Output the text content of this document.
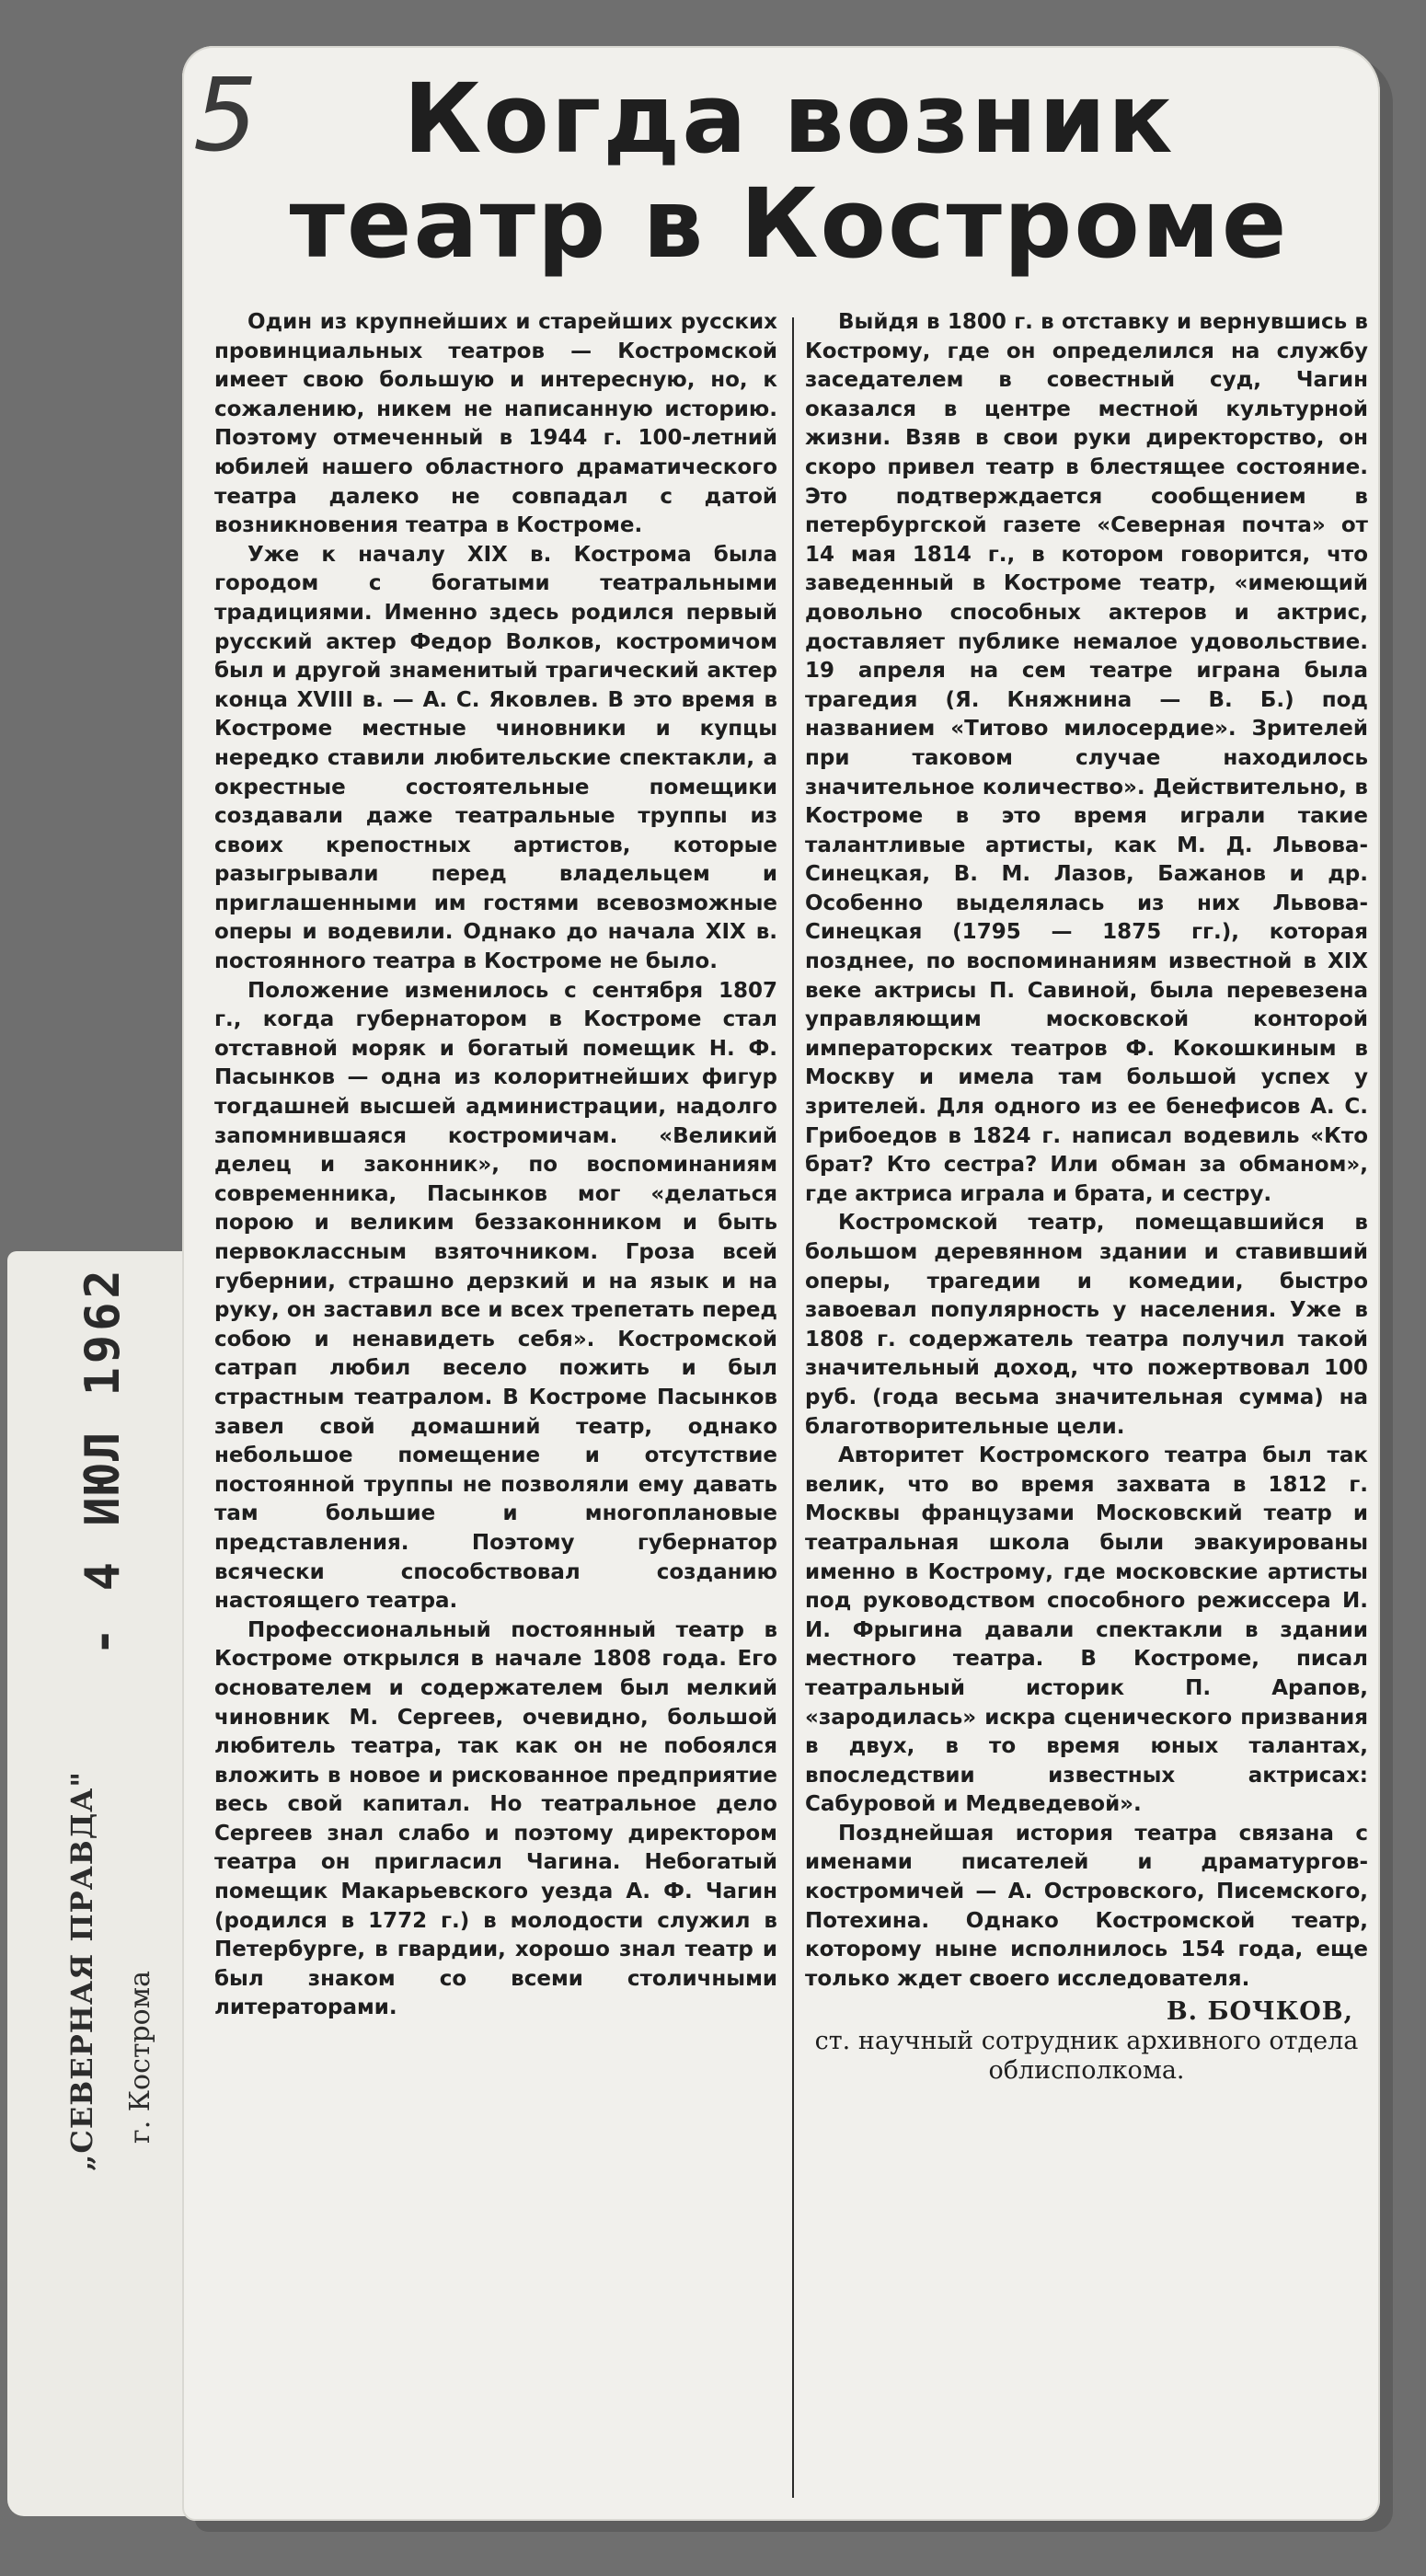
- 4 ИЮЛ 1962
„СЕВЕРНАЯ ПРАВДА" г. Кострома
5	Когда возник
театр в Костроме

Один из крупнейших и старейших русских провинциальных театров — Костромской имеет свою большую и интересную, но, к сожалению, никем не написанную историю. Поэтому отмеченный в 1944 г. 100-летний юбилей нашего областного драматического театра далеко не совпадал с датой возникновения театра в Костроме.

Уже к началу XIX в. Кострома была городом с богатыми театральными традициями. Именно здесь родился первый русский актер Федор Волков, костромичом был и другой знаменитый трагический актер конца XVIII в. — А. С. Яковлев. В это время в Костроме местные чиновники и купцы нередко ставили любительские спектакли, а окрестные состоятельные помещики создавали даже театральные труппы из своих крепостных артистов, которые разыгрывали перед владельцем и приглашенными им гостями всевозможные оперы и водевили. Однако до начала XIX в. постоянного театра в Костроме не было.

Положение изменилось с сентября 1807 г., когда губернатором в Костроме стал отставной моряк и богатый помещик Н. Ф. Пасынков — одна из колоритнейших фигур тогдашней высшей администрации, надолго запомнившаяся костромичам. «Великий делец и законник», по воспоминаниям современника, Пасынков мог «делаться порою и великим беззаконником и быть первоклассным взяточником. Гроза всей губернии, страшно дерзкий и на язык и на руку, он заставил все и всех трепетать перед собою и ненавидеть себя». Костромской сатрап любил весело пожить и был страстным театралом. В Костроме Пасынков завел свой домашний театр, однако небольшое помещение и отсутствие постоянной труппы не позволяли ему давать там большие и многоплановые представления. Поэтому губернатор всячески способствовал созданию настоящего театра.

Профессиональный постоянный театр в Костроме открылся в начале 1808 года. Его основателем и содержателем был мелкий чиновник М. Сергеев, очевидно, большой любитель театра, так как он не побоялся вложить в новое и рискованное предприятие весь свой капитал. Но театральное дело Сергеев знал слабо и поэтому директором театра он пригласил Чагина. Небогатый помещик Макарьевского уезда А. Ф. Чагин (родился в 1772 г.) в молодости служил в Петербурге, в гвардии, хорошо знал театр и был знаком со всеми столичными литераторами.

Выйдя в 1800 г. в отставку и вернувшись в Кострому, где он определился на службу заседателем в совестный суд, Чагин оказался в центре местной культурной жизни. Взяв в свои руки директорство, он скоро привел театр в блестящее состояние. Это подтверждается сообщением в петербургской газете «Северная почта» от 14 мая 1814 г., в котором говорится, что заведенный в Костроме театр, «имеющий довольно способных актеров и актрис, доставляет публике немалое удовольствие. 19 апреля на сем театре играна была трагедия (Я. Княжнина — В. Б.) под названием «Титово милосердие». Зрителей при таковом случае находилось значительное количество». Действительно, в Костроме в это время играли такие талантливые артисты, как М. Д. Львова-Синецкая, В. М. Лазов, Бажанов и др. Особенно выделялась из них Львова-Синецкая (1795 — 1875 гг.), которая позднее, по воспоминаниям известной в XIX веке актрисы П. Савиной, была перевезена управляющим московской конторой императорских театров Ф. Кокошкиным в Москву и имела там большой успех у зрителей. Для одного из ее бенефисов А. С. Грибоедов в 1824 г. написал водевиль «Кто брат? Кто сестра? Или обман за обманом», где актриса играла и брата, и сестру.

Костромской театр, помещавшийся в большом деревянном здании и ставивший оперы, трагедии и комедии, быстро завоевал популярность у населения. Уже в 1808 г. содержатель театра получил такой значительный доход, что пожертвовал 100 руб. (года весьма значительная сумма) на благотворительные цели.

Авторитет Костромского театра был так велик, что во время захвата в 1812 г. Москвы французами Московский театр и театральная школа были эвакуированы именно в Кострому, где московские артисты под руководством способного режиссера И. И. Фрыгина давали спектакли в здании местного театра. В Костроме, писал театральный историк П. Арапов, «зародилась» искра сценического призвания в двух, в то время юных талантах, впоследствии известных актрисах: Сабуровой и Медведевой».

Позднейшая история театра связана с именами писателей и драматургов-костромичей — А. Островского, Писемского, Потехина. Однако Костромской театр, которому ныне исполнилось 154 года, еще только ждет своего исследователя.

В. БОЧКОВ,
ст. научный сотрудник архивного отдела облисполкома.
